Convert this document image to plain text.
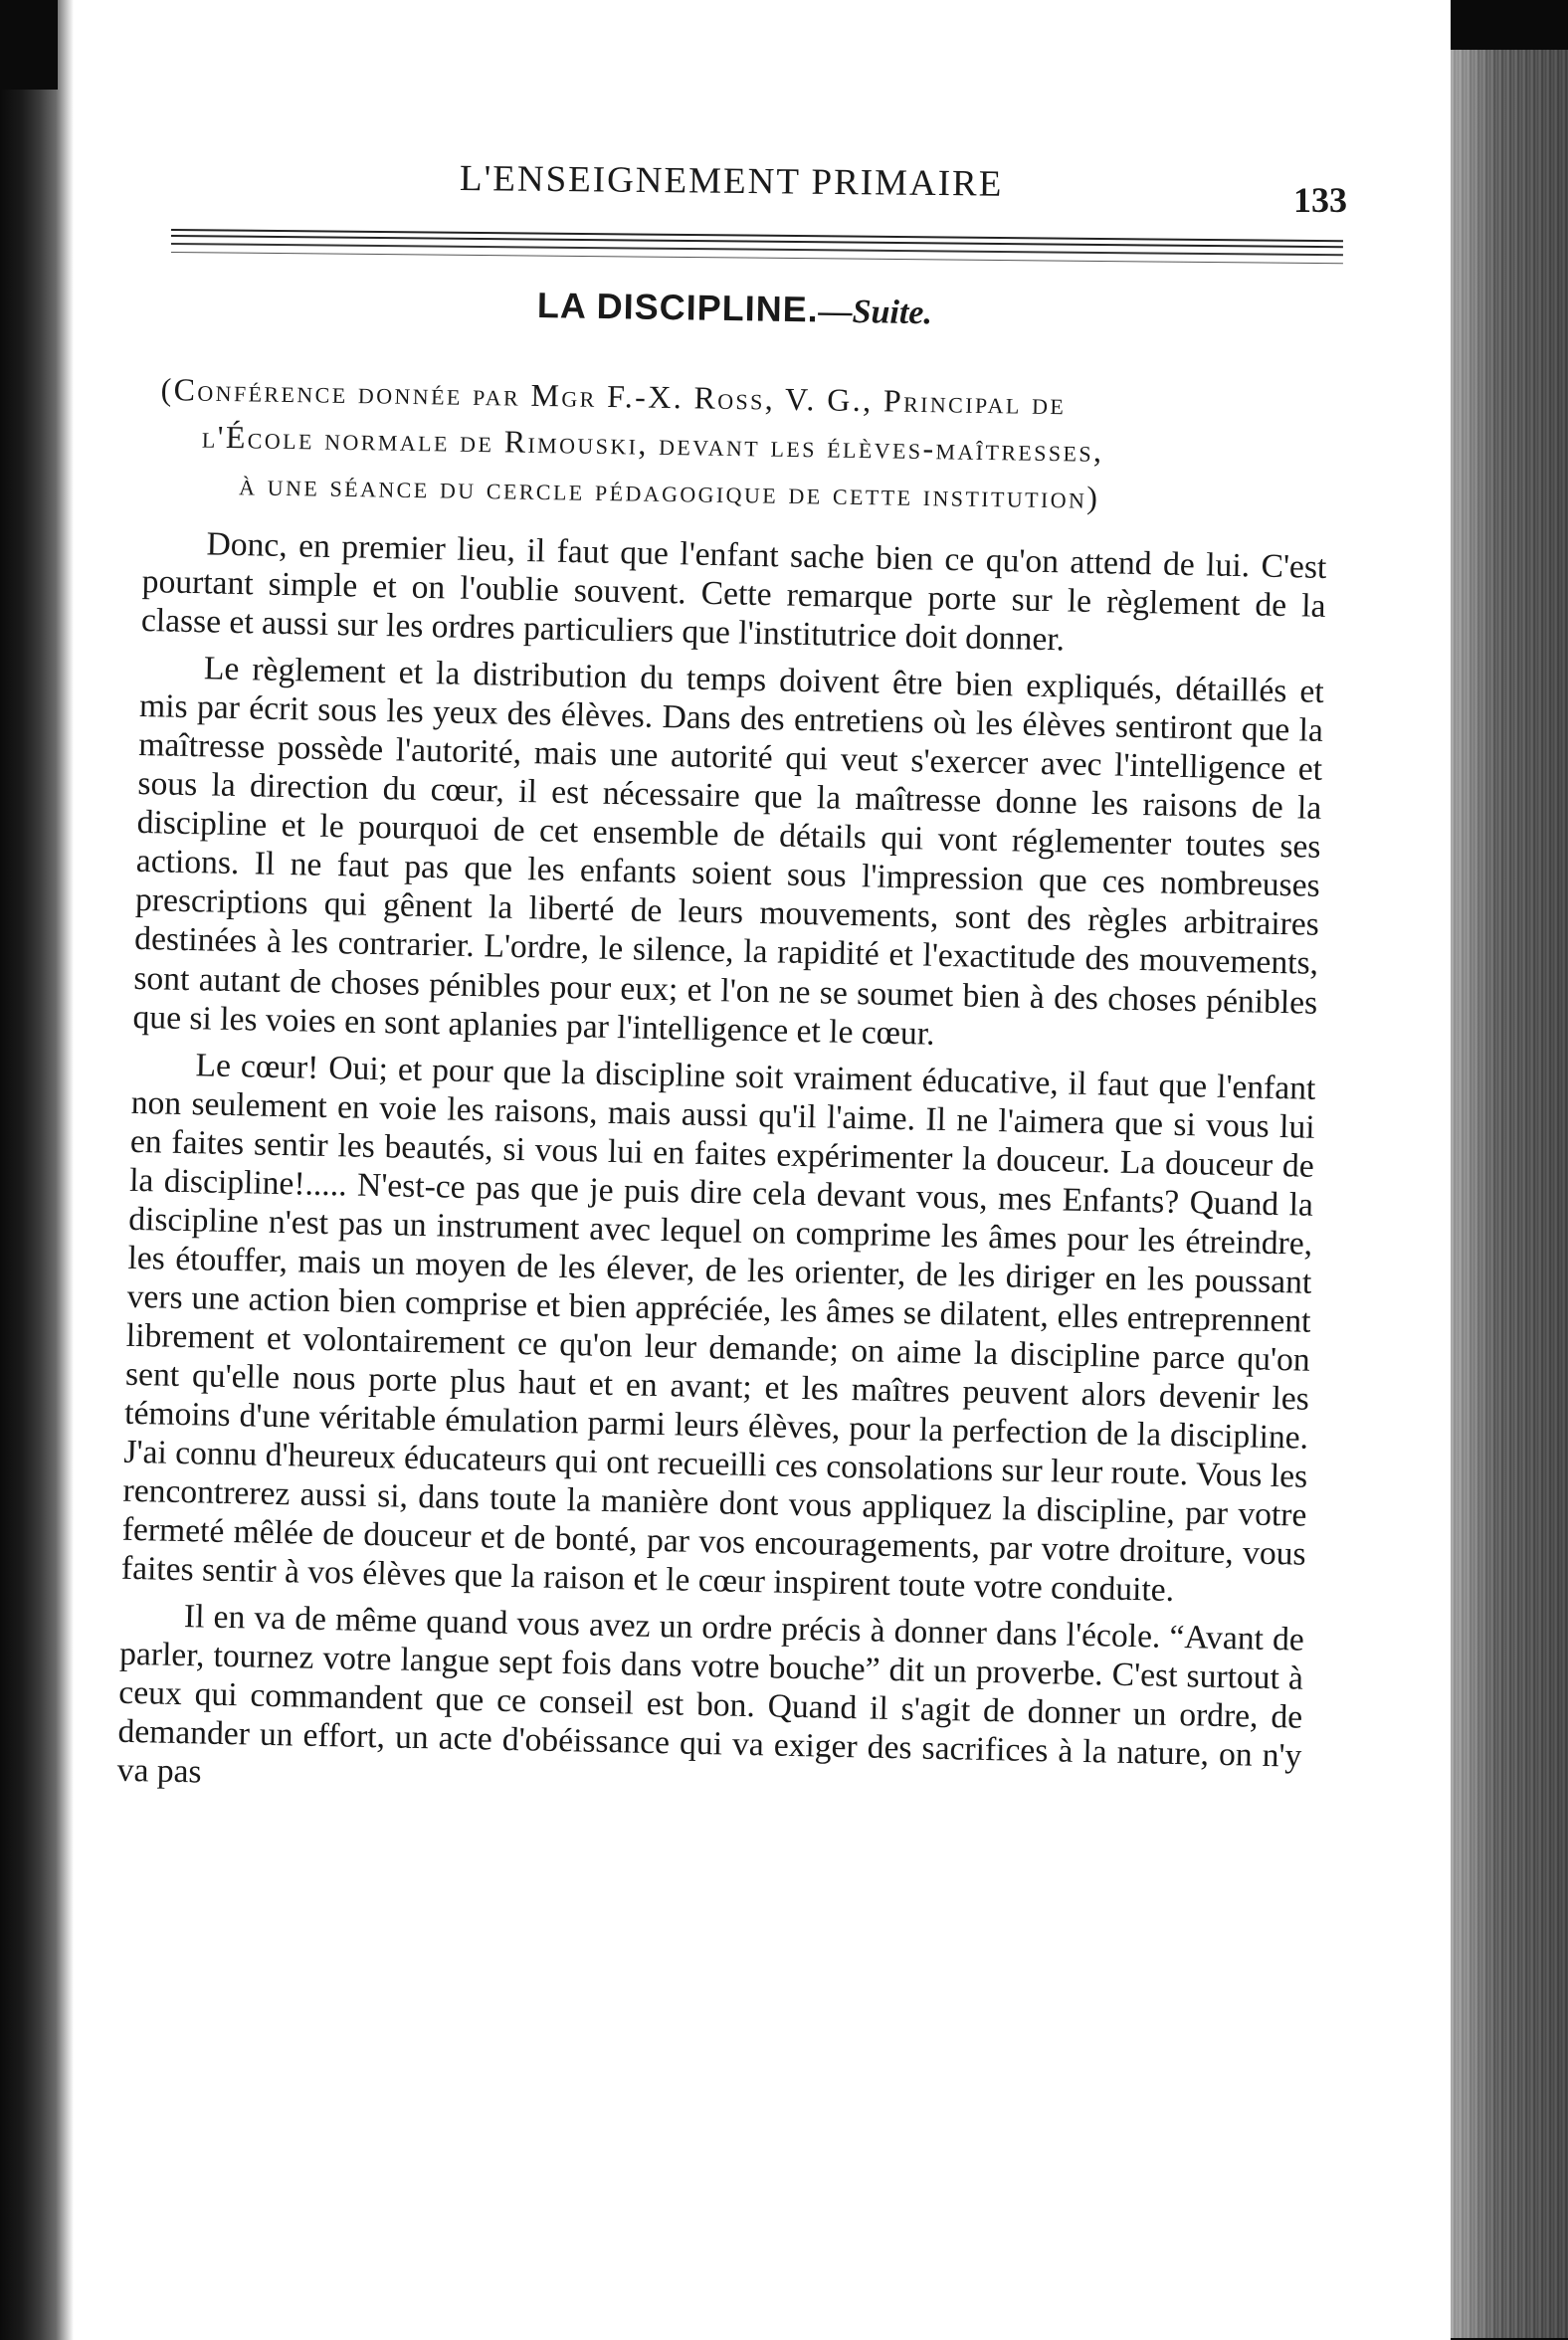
L'ENSEIGNEMENT PRIMAIRE	133
LA DISCIPLINE.—Suite.
(Conférence donnée par Mgr F.-X. Ross, V. G., Principal de
l'École normale de Rimouski, devant les élèves-maîtresses,
à une séance du cercle pédagogique de cette institution)

Donc, en premier lieu, il faut que l'enfant sache bien ce qu'on attend de lui. C'est pourtant simple et on l'oublie souvent. Cette remarque porte sur le règlement de la classe et aussi sur les ordres particuliers que l'institutrice doit donner.

Le règlement et la distribution du temps doivent être bien expliqués, détaillés et mis par écrit sous les yeux des élèves. Dans des entretiens où les élèves sentiront que la maîtresse possède l'autorité, mais une autorité qui veut s'exercer avec l'intelligence et sous la direction du cœur, il est nécessaire que la maîtresse donne les raisons de la discipline et le pourquoi de cet ensemble de détails qui vont réglementer toutes ses actions. Il ne faut pas que les enfants soient sous l'impression que ces nombreuses prescriptions qui gênent la liberté de leurs mouvements, sont des règles arbitraires destinées à les contrarier. L'ordre, le silence, la rapidité et l'exactitude des mouvements, sont autant de choses pénibles pour eux; et l'on ne se soumet bien à des choses pénibles que si les voies en sont aplanies par l'intelligence et le cœur.

Le cœur! Oui; et pour que la discipline soit vraiment éducative, il faut que l'enfant non seulement en voie les raisons, mais aussi qu'il l'aime. Il ne l'aimera que si vous lui en faites sentir les beautés, si vous lui en faites expérimenter la douceur. La douceur de la discipline!..... N'est-ce pas que je puis dire cela devant vous, mes Enfants? Quand la discipline n'est pas un instrument avec lequel on comprime les âmes pour les étreindre, les étouffer, mais un moyen de les élever, de les orienter, de les diriger en les poussant vers une action bien comprise et bien appréciée, les âmes se dilatent, elles entreprennent librement et volontairement ce qu'on leur demande; on aime la discipline parce qu'on sent qu'elle nous porte plus haut et en avant; et les maîtres peuvent alors devenir les témoins d'une véritable émulation parmi leurs élèves, pour la perfection de la discipline. J'ai connu d'heureux éducateurs qui ont recueilli ces consolations sur leur route. Vous les rencontrerez aussi si, dans toute la manière dont vous appliquez la discipline, par votre fermeté mêlée de douceur et de bonté, par vos encouragements, par votre droiture, vous faites sentir à vos élèves que la raison et le cœur inspirent toute votre conduite.

Il en va de même quand vous avez un ordre précis à donner dans l'école. “Avant de parler, tournez votre langue sept fois dans votre bouche” dit un proverbe. C'est surtout à ceux qui commandent que ce conseil est bon. Quand il s'agit de donner un ordre, de demander un effort, un acte d'obéissance qui va exiger des sacrifices à la nature, on n'y va pas
